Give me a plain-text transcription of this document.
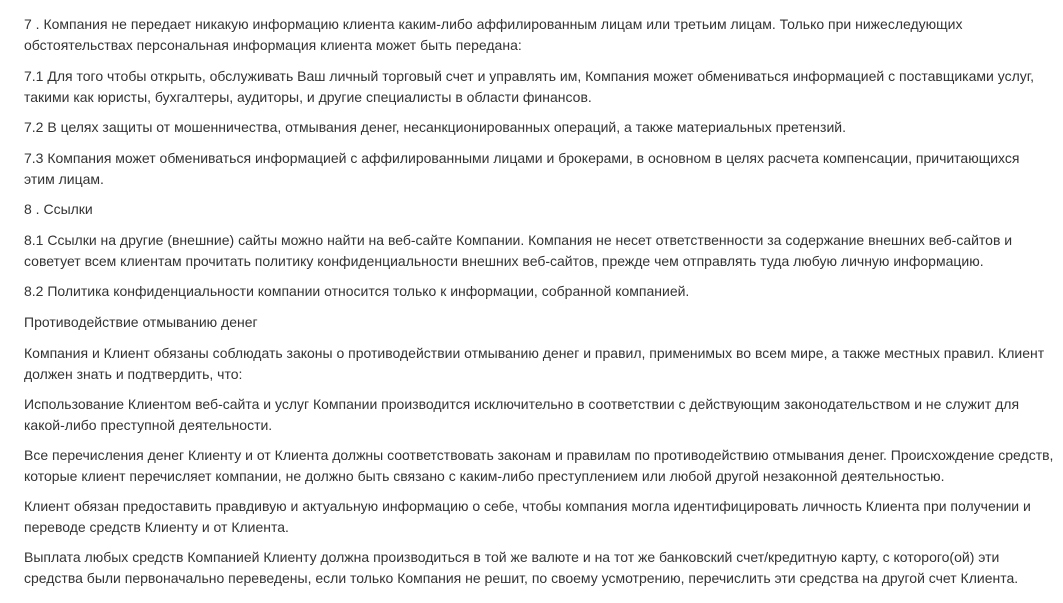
7 . Компания не передает никакую информацию клиента каким-либо аффилированным лицам или третьим лицам. Только при нижеследующих обстоятельствах персональная информация клиента может быть передана:

7.1 Для того чтобы открыть, обслуживать Ваш личный торговый счет и управлять им, Компания может обмениваться информацией с поставщиками услуг, такими как юристы, бухгалтеры, аудиторы, и другие специалисты в области финансов.

7.2 В целях защиты от мошенничества, отмывания денег, несанкционированных операций, а также материальных претензий.

7.3 Компания может обмениваться информацией с аффилированными лицами и брокерами, в основном в целях расчета компенсации, причитающихся этим лицам.

8 . Ссылки

8.1 Ссылки на другие (внешние) сайты можно найти на веб-сайте Компании. Компания не несет ответственности за содержание внешних веб-сайтов и советует всем клиентам прочитать политику конфиденциальности внешних веб-сайтов, прежде чем отправлять туда любую личную информацию.

8.2 Политика конфиденциальности компании относится только к информации, собранной компанией.

Противодействие отмыванию денег

Компания и Клиент обязаны соблюдать законы о противодействии отмыванию денег и правил, применимых во всем мире, а также местных правил. Клиент должен знать и подтвердить, что:

Использование Клиентом веб-сайта и услуг Компании производится исключительно в соответствии с действующим законодательством и не служит для какой-либо преступной деятельности.

Все перечисления денег Клиенту и от Клиента должны соответствовать законам и правилам по противодействию отмывания денег. Происхождение средств, которые клиент перечисляет компании, не должно быть связано с каким-либо преступлением или любой другой незаконной деятельностью.

Клиент обязан предоставить правдивую и актуальную информацию о себе, чтобы компания могла идентифицировать личность Клиента при получении и переводе средств Клиенту и от Клиента.

Выплата любых средств Компанией Клиенту должна производиться в той же валюте и на тот же банковский счет/кредитную карту, с которого(ой) эти средства были первоначально переведены, если только Компания не решит, по своему усмотрению, перечислить эти средства на другой счет Клиента.
